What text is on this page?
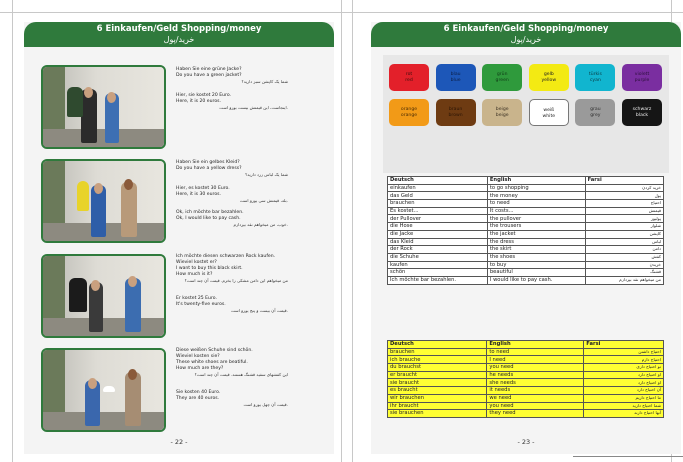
6 Einkaufen/Geld Shopping/money
خرید/پول
Haben Sie eine grüne Jacke?
Do you have a green jacket?
شما یک کاپشن سبز دارید؟
Hier, sie kostet 20 Euro.
Here, it is 20 euros.
اینجاست، این قیمتش بیست یورو است.
Haben Sie ein gelbes Kleid?
Do you have a yellow dress?
شما یک لباس زرد دارید؟
Hier, es kostet 30 Euro.
Here, it is 30 euros.
بله، قیمتش سی یورو است.
Ok, ich möchte bar bezahlen.
Ok, I would like to pay cash.
خوب، من میخواهم نقد بپردازم.
Ich möchte diesen schwarzen Rock kaufen.
Wieviel kostet er?
I want to buy this black skirt.
How much is it?
من میخواهم این دامن مشکی را بخرم. قیمت آن چند است؟
Er kostet 25 Euro.
It's twenty-five euros.
قیمت آن بیست و پنج یورو است.
Diese weißen Schuhe sind schön.
Wieviel kosten sie?
These white shoes are beatiful.
How much are they?
این کفشهای سفید قشنگ هستند. قیمت آن چند است؟
Sie kosten 40 Euro.
They are 40 euros.
قیمت آن چهل یورو است.
- 22 -
6 Einkaufen/Geld Shopping/money
خرید/پول
rot
red
blau
blue
grün
green
gelb
yellow
türkis
cyan
violett
purple
orange
orange
braun
brown
beige
beige
weiß
white
grau
grey
schwarz
black
Deutsch	English	Farsi
einkaufen	to go shopping	خرید کردن
das Geld	the money	پول
brauchen	to need	احتیاج
Es kostet...	It costs...	قیمتش
der Pullover	the pullover	پولیور
die Hose	the trousers	شلوار
die Jacke	the jacket	کاپشن
das Kleid	the dress	لباس
der Rock	the skirt	دامن
die Schuhe	the shoes	کفش
kaufen	to buy	خریدن
schön	beautiful	قشنگ
Ich möchte bar bezahlen.	I would like to pay cash.	من میخواهم نقد بپردازم
Deutsch	English	Farsi
brauchen	to need	احتیاج داشتن
ich brauche	I need	احتیاج دارم
du brauchst	you need	تو احتیاج داری
er braucht	he needs	او احتیاج دارد
sie braucht	she needs	او احتیاج دارد
es braucht	it needs	آن احتیاج دارد
wir brauchen	we need	ما احتیاج داریم
ihr braucht	you need	شما احتیاج دارید
sie brauchen	they need	آنها احتیاج دارند
- 23 -
